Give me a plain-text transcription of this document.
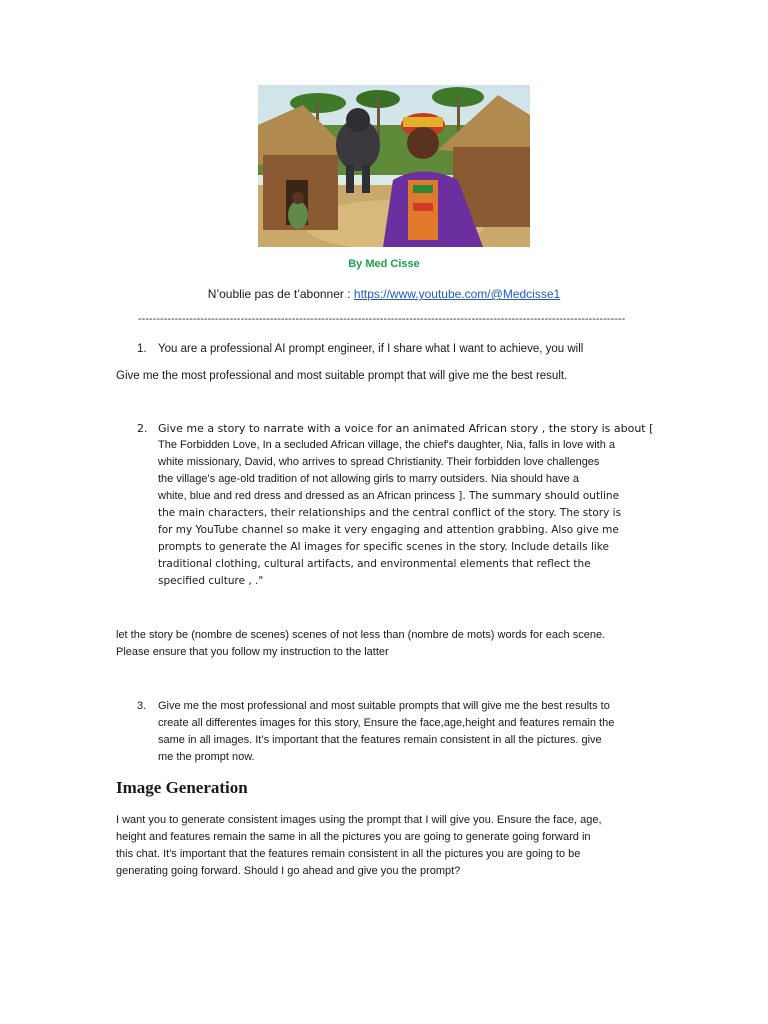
By Med Cisse
N’oublie pas de t’abonner : https://www.youtube.com/@Medcisse1
-------------------------------------------------------------------------------------------------------------------------------------
1. You are a professional AI prompt engineer, if I share what I want to achieve, you will
Give me the most professional and most suitable prompt that will give me the best result.
2. Give me a story to narrate with a voice for an animated African story , the story is about [
The Forbidden Love, In a secluded African village, the chief's daughter, Nia, falls in love with a
white missionary, David, who arrives to spread Christianity. Their forbidden love challenges
the village's age-old tradition of not allowing girls to marry outsiders. Nia should have a
white, blue and red dress and dressed as an African princess ]. The summary should outline
the main characters, their relationships and the central conflict of the story. The story is
for my YouTube channel so make it very engaging and attention grabbing. Also give me
prompts to generate the AI images for specific scenes in the story. Include details like
traditional clothing, cultural artifacts, and environmental elements that reflect the
specified culture , ."
let the story be (nombre de scenes) scenes of not less than (nombre de mots) words for each scene.
Please ensure that you follow my instruction to the latter
3. Give me the most professional and most suitable prompts that will give me the best results to
create all differentes images for this story, Ensure the face,age,height and features remain the
same in all images. It’s important that the features remain consistent in all the pictures. give
me the prompt now.
Image Generation
I want you to generate consistent images using the prompt that I will give you. Ensure the face, age,
height and features remain the same in all the pictures you are going to generate going forward in
this chat. It's important that the features remain consistent in all the pictures you are going to be
generating going forward. Should I go ahead and give you the prompt?
